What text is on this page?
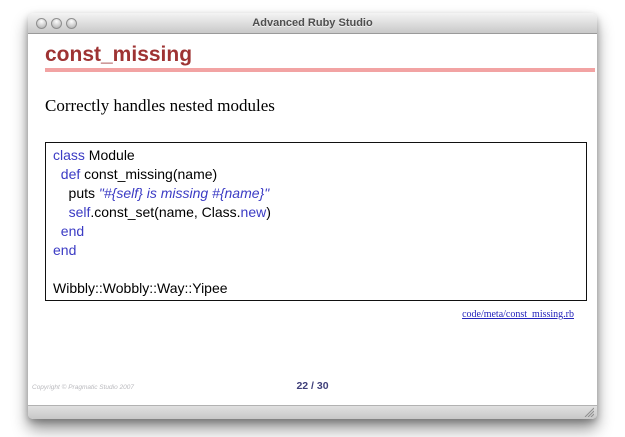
Advanced Ruby Studio
const_missing
Correctly handles nested modules
class Module
def const_missing(name)
puts "#{self} is missing #{name}"
self.const_set(name, Class.new)
end
end

Wibbly::Wobbly::Way::Yipee
code/meta/const_missing.rb
Copyright © Pragmatic Studio 2007	22 / 30
